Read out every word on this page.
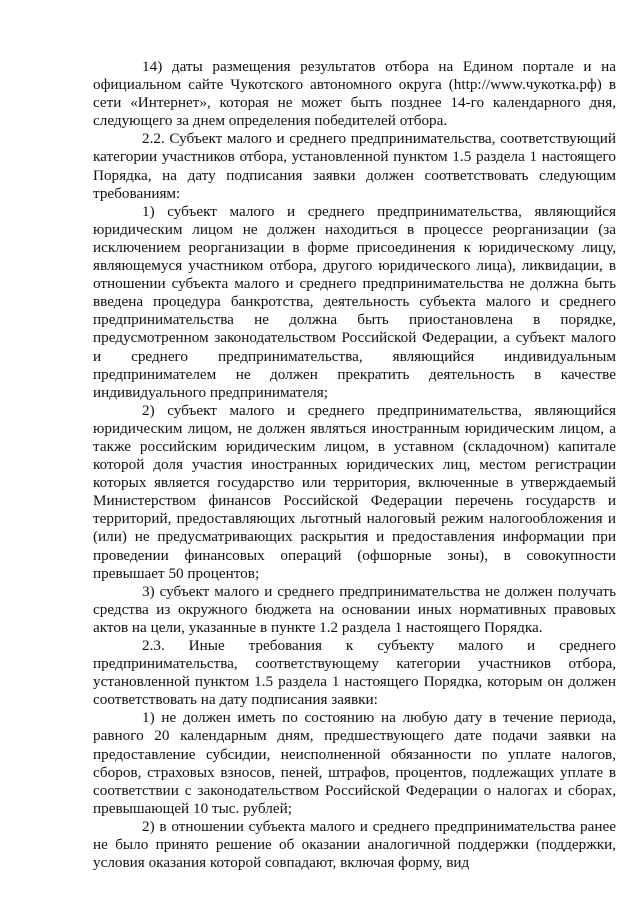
14) даты размещения результатов отбора на Едином портале и на официальном сайте Чукотского автономного округа (http://www.чукотка.рф) в сети «Интернет», которая не может быть позднее 14-го календарного дня, следующего за днем определения победителей отбора.

2.2. Субъект малого и среднего предпринимательства, соответствующий категории участников отбора, установленной пунктом 1.5 раздела 1 настоящего Порядка, на дату подписания заявки должен соответствовать следующим требованиям:

1) субъект малого и среднего предпринимательства, являющийся юридическим лицом не должен находиться в процессе реорганизации (за исключением реорганизации в форме присоединения к юридическому лицу, являющемуся участником отбора, другого юридического лица), ликвидации, в отношении субъекта малого и среднего предпринимательства не должна быть введена процедура банкротства, деятельность субъекта малого и среднего предпринимательства не должна быть приостановлена в порядке, предусмотренном законодательством Российской Федерации, а субъект малого и среднего предпринимательства, являющийся индивидуальным предпринимателем не должен прекратить деятельность в качестве индивидуального предпринимателя;

2) субъект малого и среднего предпринимательства, являющийся юридическим лицом, не должен являться иностранным юридическим лицом, а также российским юридическим лицом, в уставном (складочном) капитале которой доля участия иностранных юридических лиц, местом регистрации которых является государство или территория, включенные в утверждаемый Министерством финансов Российской Федерации перечень государств и территорий, предоставляющих льготный налоговый режим налогообложения и (или) не предусматривающих раскрытия и предоставления информации при проведении финансовых операций (офшорные зоны), в совокупности превышает 50 процентов;

3) субъект малого и среднего предпринимательства не должен получать средства из окружного бюджета на основании иных нормативных правовых актов на цели, указанные в пункте 1.2 раздела 1 настоящего Порядка.

2.3. Иные требования к субъекту малого и среднего предпринимательства, соответствующему категории участников отбора, установленной пунктом 1.5 раздела 1 настоящего Порядка, которым он должен соответствовать на дату подписания заявки:

1) не должен иметь по состоянию на любую дату в течение периода, равного 20 календарным дням, предшествующего дате подачи заявки на предоставление субсидии, неисполненной обязанности по уплате налогов, сборов, страховых взносов, пеней, штрафов, процентов, подлежащих уплате в соответствии с законодательством Российской Федерации о налогах и сборах, превышающей 10 тыс. рублей;

2) в отношении субъекта малого и среднего предпринимательства ранее не было принято решение об оказании аналогичной поддержки (поддержки, условия оказания которой совпадают, включая форму, вид
